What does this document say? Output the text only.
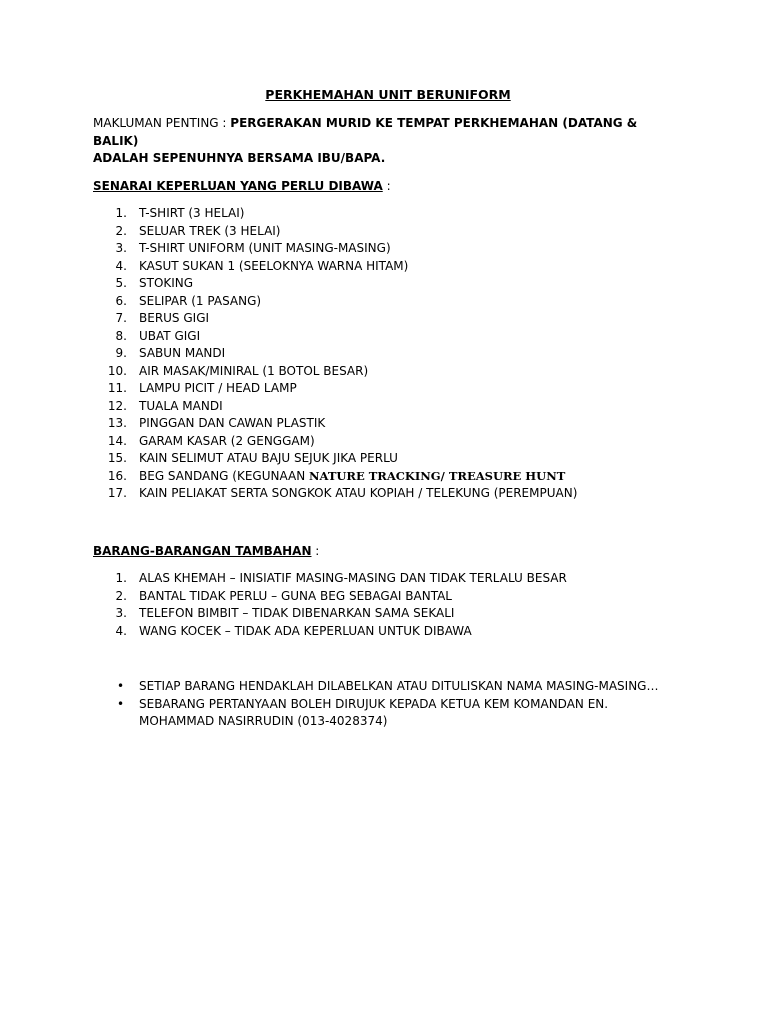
PERKHEMAHAN UNIT BERUNIFORM
MAKLUMAN PENTING : PERGERAKAN MURID KE TEMPAT PERKHEMAHAN (DATANG & BALIK)
ADALAH SEPENUHNYA BERSAMA IBU/BAPA.
SENARAI KEPERLUAN YANG PERLU DIBAWA :
1. T-SHIRT (3 HELAI)
2. SELUAR TREK (3 HELAI)
3. T-SHIRT UNIFORM (UNIT MASING-MASING)
4. KASUT SUKAN 1 (SEELOKNYA WARNA HITAM)
5. STOKING
6. SELIPAR (1 PASANG)
7. BERUS GIGI
8. UBAT GIGI
9. SABUN MANDI
10. AIR MASAK/MINIRAL (1 BOTOL BESAR)
11. LAMPU PICIT / HEAD LAMP
12. TUALA MANDI
13. PINGGAN DAN CAWAN PLASTIK
14. GARAM KASAR (2 GENGGAM)
15. KAIN SELIMUT ATAU BAJU SEJUK JIKA PERLU
16. BEG SANDANG (KEGUNAAN NATURE TRACKING/ TREASURE HUNT
17. KAIN PELIAKAT SERTA SONGKOK ATAU KOPIAH / TELEKUNG (PEREMPUAN)
BARANG-BARANGAN TAMBAHAN :
1. ALAS KHEMAH – INISIATIF MASING-MASING DAN TIDAK TERLALU BESAR
2. BANTAL TIDAK PERLU – GUNA BEG SEBAGAI BANTAL
3. TELEFON BIMBIT – TIDAK DIBENARKAN SAMA SEKALI
4. WANG KOCEK – TIDAK ADA KEPERLUAN UNTUK DIBAWA
• SETIAP BARANG HENDAKLAH DILABELKAN ATAU DITULISKAN NAMA MASING-MASING…
• SEBARANG PERTANYAAN BOLEH DIRUJUK KEPADA KETUA KEM KOMANDAN EN.
MOHAMMAD NASIRRUDIN (013-4028374)
